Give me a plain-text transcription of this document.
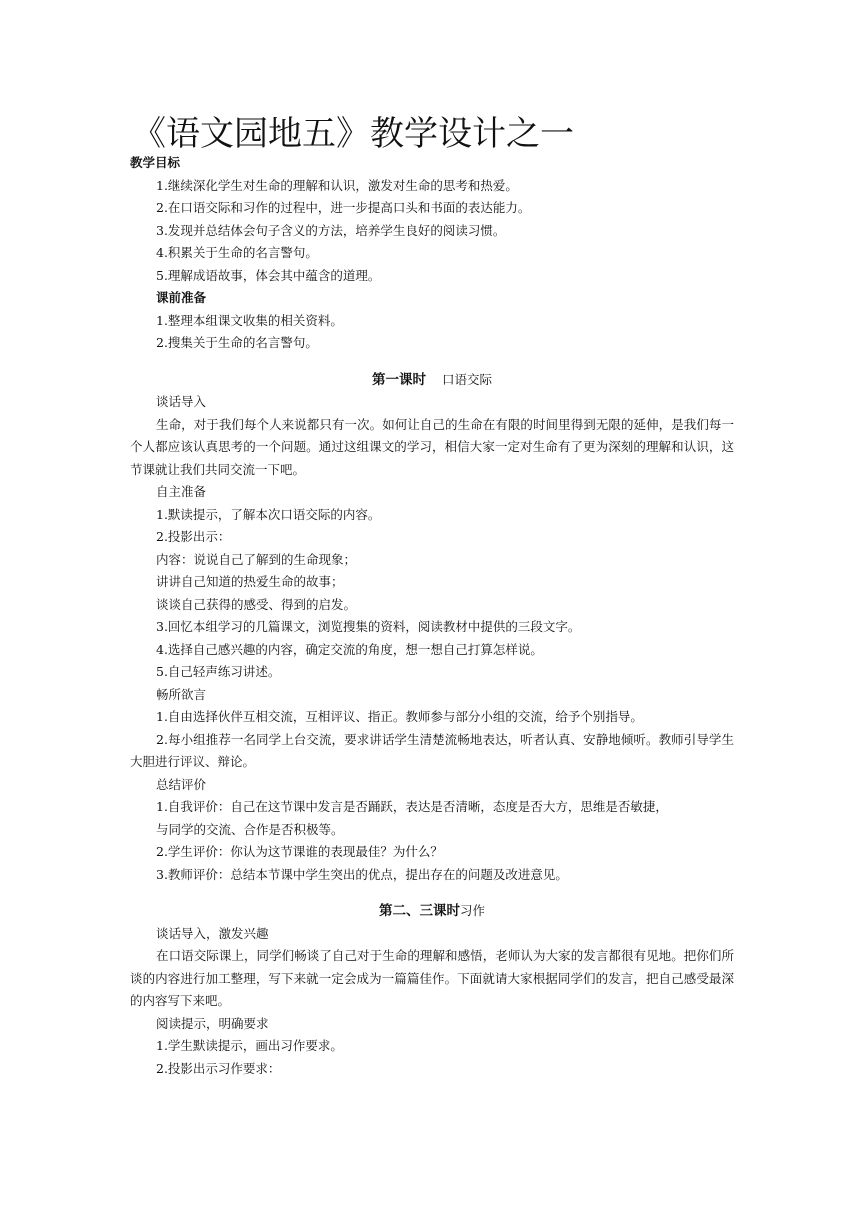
《语文园地五》教学设计之一

教学目标

1.继续深化学生对生命的理解和认识，激发对生命的思考和热爱。

2.在口语交际和习作的过程中，进一步提高口头和书面的表达能力。

3.发现并总结体会句子含义的方法，培养学生良好的阅读习惯。

4.积累关于生命的名言警句。

5.理解成语故事，体会其中蕴含的道理。

课前准备

1.整理本组课文收集的相关资料。

2.搜集关于生命的名言警句。

第一课时 口语交际

谈话导入

生命，对于我们每个人来说都只有一次。如何让自己的生命在有限的时间里得到无限的延伸，是我们每一个人都应该认真思考的一个问题。通过这组课文的学习，相信大家一定对生命有了更为深刻的理解和认识，这节课就让我们共同交流一下吧。

自主准备

1.默读提示，了解本次口语交际的内容。

2.投影出示：

内容：说说自己了解到的生命现象；

讲讲自己知道的热爱生命的故事；

谈谈自己获得的感受、得到的启发。

3.回忆本组学习的几篇课文，浏览搜集的资料，阅读教材中提供的三段文字。

4.选择自己感兴趣的内容，确定交流的角度，想一想自己打算怎样说。

5.自己轻声练习讲述。

畅所欲言

1.自由选择伙伴互相交流，互相评议、指正。教师参与部分小组的交流，给予个别指导。

2.每小组推荐一名同学上台交流，要求讲话学生清楚流畅地表达，听者认真、安静地倾听。教师引导学生大胆进行评议、辩论。

总结评价

1.自我评价：自己在这节课中发言是否踊跃，表达是否清晰，态度是否大方，思维是否敏捷，

与同学的交流、合作是否积极等。

2.学生评价：你认为这节课谁的表现最佳？为什么？

3.教师评价：总结本节课中学生突出的优点，提出存在的问题及改进意见。

第二、三课时习作

谈话导入，激发兴趣

在口语交际课上，同学们畅谈了自己对于生命的理解和感悟，老师认为大家的发言都很有见地。把你们所谈的内容进行加工整理，写下来就一定会成为一篇篇佳作。下面就请大家根据同学们的发言，把自己感受最深的内容写下来吧。

阅读提示，明确要求

1.学生默读提示，画出习作要求。

2.投影出示习作要求：
